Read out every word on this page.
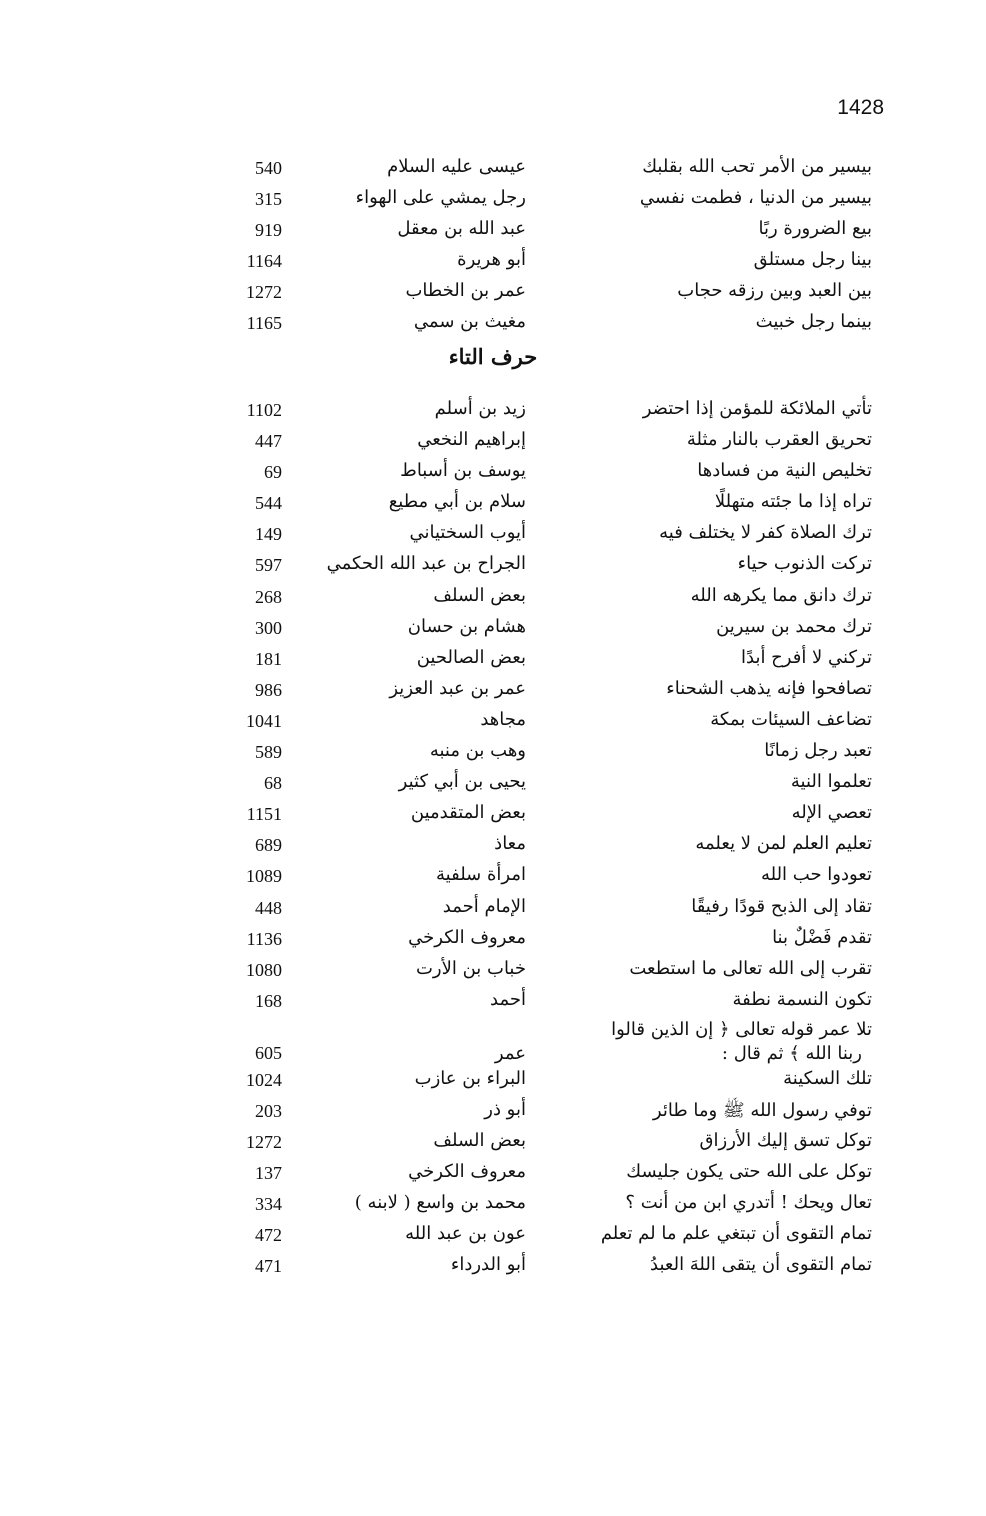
1428
بيسير من الأمر تحب الله بقلبك
عيسى عليه السلام
540
بيسير من الدنيا ، فطمت نفسي
رجل يمشي على الهواء
315
بيع الضرورة ربًا
عبد الله بن معقل
919
بينا رجل مستلق
أبو هريرة
1164
بين العبد وبين رزقه حجاب
عمر بن الخطاب
1272
بينما رجل خبيث
مغيث بن سمي
1165
حرف التاء
تأتي الملائكة للمؤمن إذا احتضر
زيد بن أسلم
1102
تحريق العقرب بالنار مثلة
إبراهيم النخعي
447
تخليص النية من فسادها
يوسف بن أسباط
69
تراه إذا ما جئته متهللًا
سلام بن أبي مطيع
544
ترك الصلاة كفر لا يختلف فيه
أيوب السختياني
149
تركت الذنوب حياء
الجراح بن عبد الله الحكمي
597
ترك دانق مما يكرهه الله
بعض السلف
268
ترك محمد بن سيرين
هشام بن حسان
300
تركني لا أفرح أبدًا
بعض الصالحين
181
تصافحوا فإنه يذهب الشحناء
عمر بن عبد العزيز
986
تضاعف السيئات بمكة
مجاهد
1041
تعبد رجل زمانًا
وهب بن منبه
589
تعلموا النية
يحيى بن أبي كثير
68
تعصي الإله
بعض المتقدمين
1151
تعليم العلم لمن لا يعلمه
معاذ
689
تعودوا حب الله
امرأة سلفية
1089
تقاد إلى الذبح قودًا رفيقًا
الإمام أحمد
448
تقدم فَضْلٌ بنا
معروف الكرخي
1136
تقرب إلى الله تعالى ما استطعت
خباب بن الأرت
1080
تكون النسمة نطفة
أحمد
168
تلا عمر قوله تعالى ﴿ إن الذين قالوا
ربنا الله ﴾ ثم قال :
عمر
605
تلك السكينة
البراء بن عازب
1024
توفي رسول الله ﷺ وما طائر
أبو ذر
203
توكل تسق إليك الأرزاق
بعض السلف
1272
توكل على الله حتى يكون جليسك
معروف الكرخي
137
تعال ويحك ! أتدري ابن من أنت ؟
محمد بن واسع ( لابنه )
334
تمام التقوى أن تبتغي علم ما لم تعلم
عون بن عبد الله
472
تمام التقوى أن يتقى اللهَ العبدُ
أبو الدرداء
471
